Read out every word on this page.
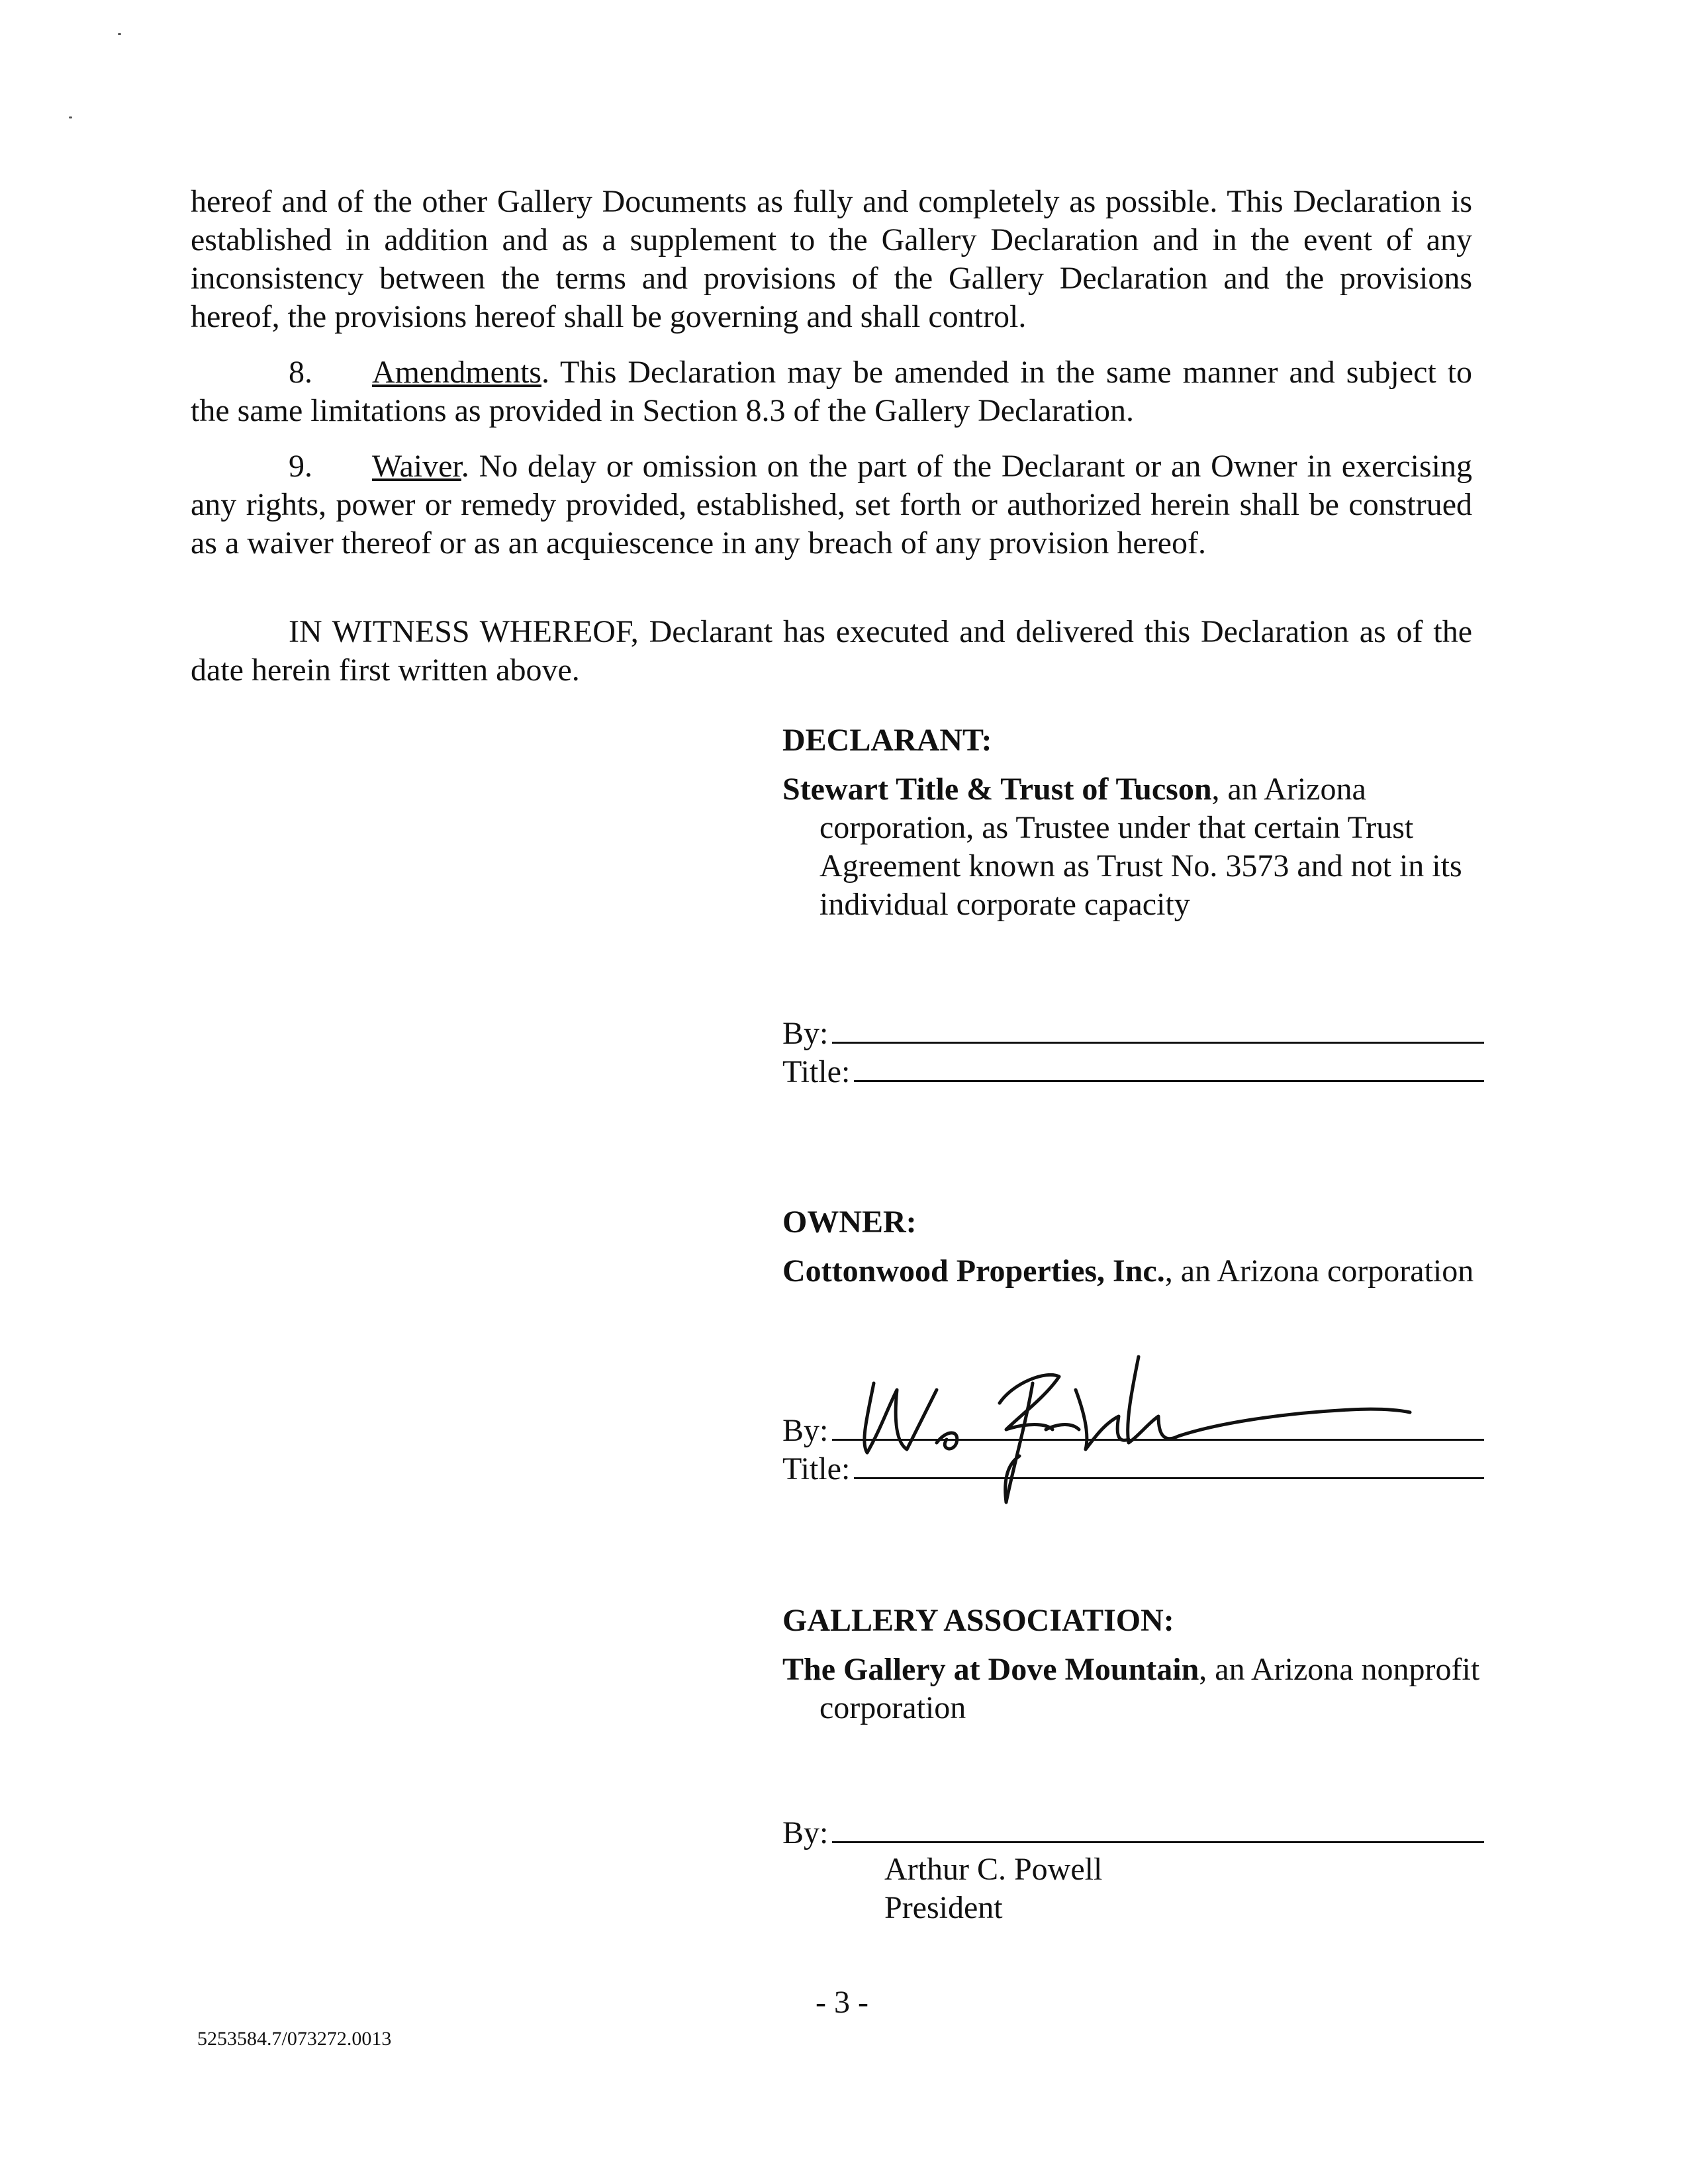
hereof and of the other Gallery Documents as fully and completely as possible. This Declaration is established in addition and as a supplement to the Gallery Declaration and in the event of any inconsistency between the terms and provisions of the Gallery Declaration and the provisions hereof, the provisions hereof shall be governing and shall control.

8. Amendments. This Declaration may be amended in the same manner and subject to the same limitations as provided in Section 8.3 of the Gallery Declaration.

9. Waiver. No delay or omission on the part of the Declarant or an Owner in exercising any rights, power or remedy provided, established, set forth or authorized herein shall be construed as a waiver thereof or as an acquiescence in any breach of any provision hereof.

IN WITNESS WHEREOF, Declarant has executed and delivered this Declaration as of the date herein first written above.

DECLARANT:

Stewart Title & Trust of Tucson, an Arizona corporation, as Trustee under that certain Trust Agreement known as Trust No. 3573 and not in its individual corporate capacity

By:
Title:

OWNER:

Cottonwood Properties, Inc., an Arizona corporation

By:
Title:

GALLERY ASSOCIATION:

The Gallery at Dove Mountain, an Arizona nonprofit corporation

By:
Arthur C. Powell
President
- 3 -
5253584.7/073272.0013
